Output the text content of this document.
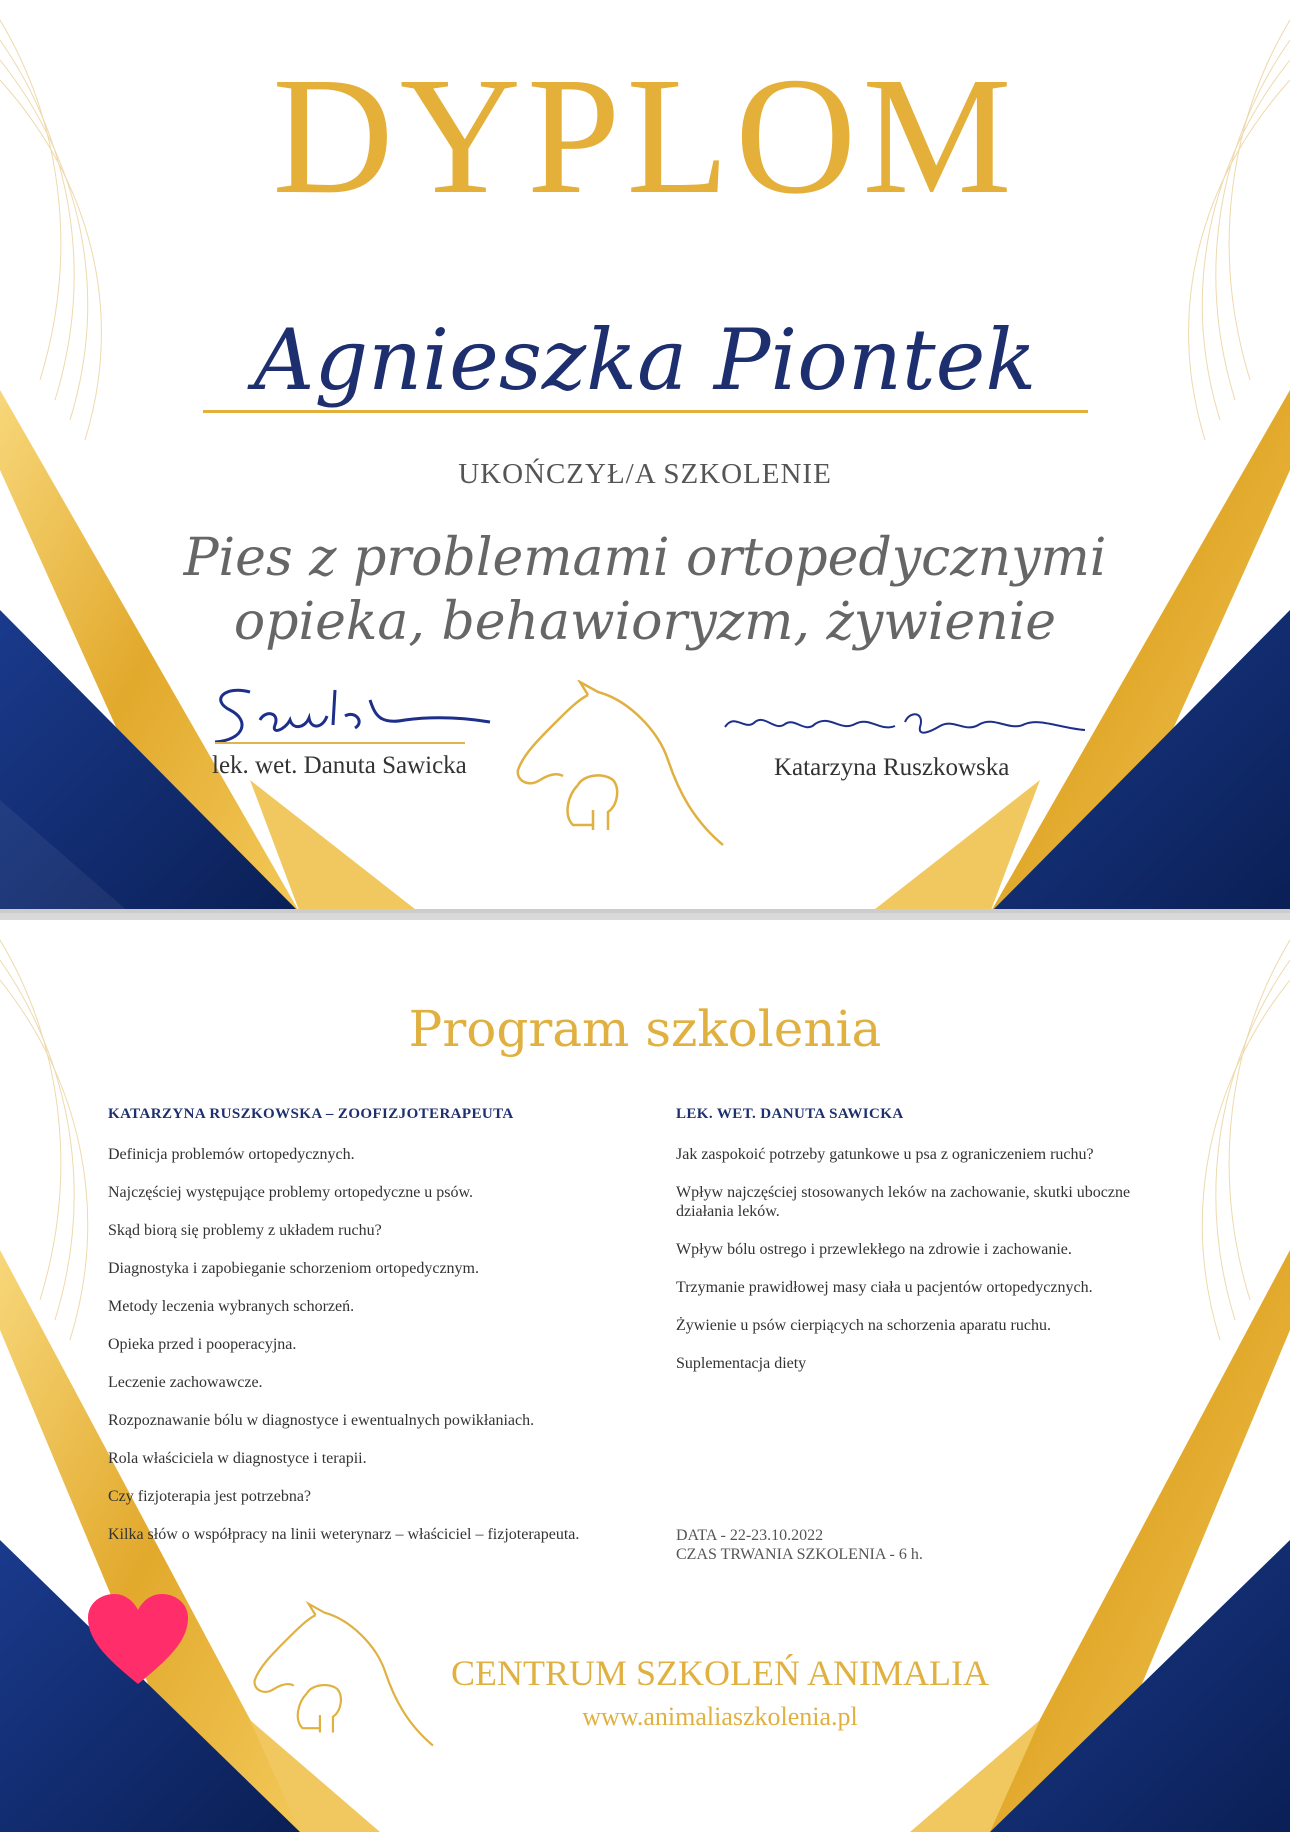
DYPLOM
Agnieszka Piontek
UKOŃCZYŁ/A SZKOLENIE
Pies z problemami ortopedycznymi
opieka, behawioryzm, żywienie
lek. wet. Danuta Sawicka	Katarzyna Ruszkowska
Program szkolenia
KATARZYNA RUSZKOWSKA – ZOOFIZJOTERAPEUTA
Definicja problemów ortopedycznych.
Najczęściej występujące problemy ortopedyczne u psów.
Skąd biorą się problemy z układem ruchu?
Diagnostyka i zapobieganie schorzeniom ortopedycznym.
Metody leczenia wybranych schorzeń.
Opieka przed i pooperacyjna.
Leczenie zachowawcze.
Rozpoznawanie bólu w diagnostyce i ewentualnych powikłaniach.
Rola właściciela w diagnostyce i terapii.
Czy fizjoterapia jest potrzebna?
Kilka słów o współpracy na linii weterynarz – właściciel – fizjoterapeuta.
LEK. WET. DANUTA SAWICKA
Jak zaspokoić potrzeby gatunkowe u psa z ograniczeniem ruchu?
Wpływ najczęściej stosowanych leków na zachowanie, skutki uboczne działania leków.
Wpływ bólu ostrego i przewlekłego na zdrowie i zachowanie.
Trzymanie prawidłowej masy ciała u pacjentów ortopedycznych.
Żywienie u psów cierpiących na schorzenia aparatu ruchu.
Suplementacja diety
DATA - 22-23.10.2022
CZAS TRWANIA SZKOLENIA - 6 h.
CENTRUM SZKOLEŃ ANIMALIA
www.animaliaszkolenia.pl
